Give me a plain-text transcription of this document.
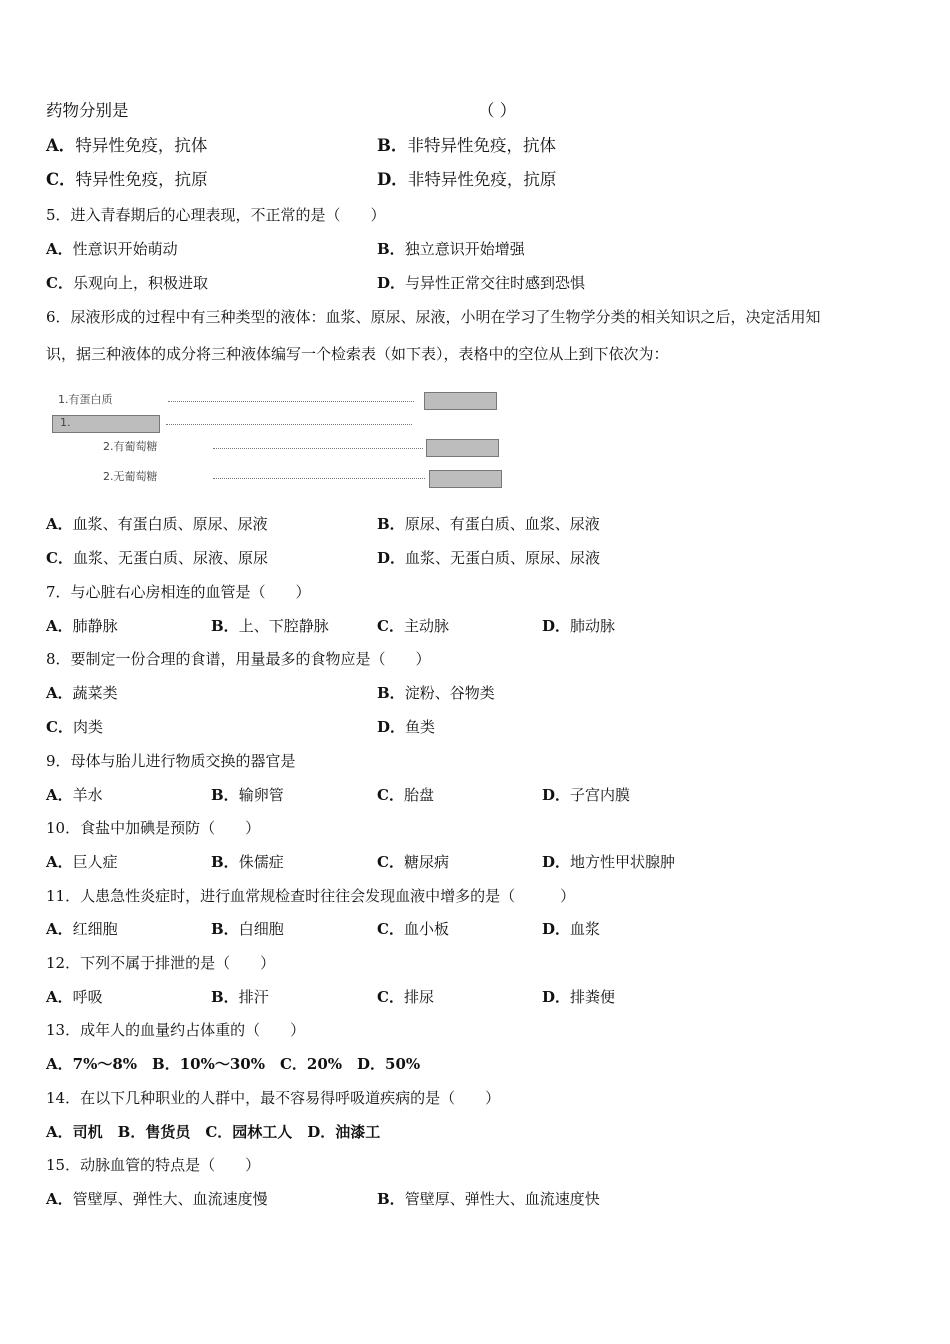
药物分别是	（ ）
A．特异性免疫，抗体	B．非特异性免疫，抗体
C．特异性免疫，抗原	D．非特异性免疫，抗原
5．进入青春期后的心理表现，不正常的是（　　）
A．性意识开始萌动	B．独立意识开始增强
C．乐观向上，积极进取	D．与异性正常交往时感到恐惧
6．尿液形成的过程中有三种类型的液体：血浆、原尿、尿液，小明在学习了生物学分类的相关知识之后，决定活用知
识，据三种液体的成分将三种液体编写一个检索表（如下表），表格中的空位从上到下依次为：
1.有蛋白质
1.
2.有葡萄糖
2.无葡萄糖
A．血浆、有蛋白质、原尿、尿液	B．原尿、有蛋白质、血浆、尿液
C．血浆、无蛋白质、尿液、原尿	D．血浆、无蛋白质、原尿、尿液
7．与心脏右心房相连的血管是（　　）
A．肺静脉	B．上、下腔静脉	C．主动脉	D．肺动脉
8．要制定一份合理的食谱，用量最多的食物应是（　　）
A．蔬菜类	B．淀粉、谷物类
C．肉类	D．鱼类
9．母体与胎儿进行物质交换的器官是
A．羊水	B．输卵管	C．胎盘	D．子宫内膜
10．食盐中加碘是预防（　　）
A．巨人症	B．侏儒症	C．糖尿病	D．地方性甲状腺肿
11．人患急性炎症时，进行血常规检查时往往会发现血液中增多的是（　　　）
A．红细胞	B．白细胞	C．血小板	D．血浆
12．下列不属于排泄的是（　　）
A．呼吸	B．排汗	C．排尿	D．排粪便
13．成年人的血量约占体重的（　　）
A．7%～8%　B．10%～30%　C．20%　D．50%
14．在以下几种职业的人群中，最不容易得呼吸道疾病的是（　　）
A．司机　B．售货员　C．园林工人　D．油漆工
15．动脉血管的特点是（　　）
A．管壁厚、弹性大、血流速度慢	B．管壁厚、弹性大、血流速度快
